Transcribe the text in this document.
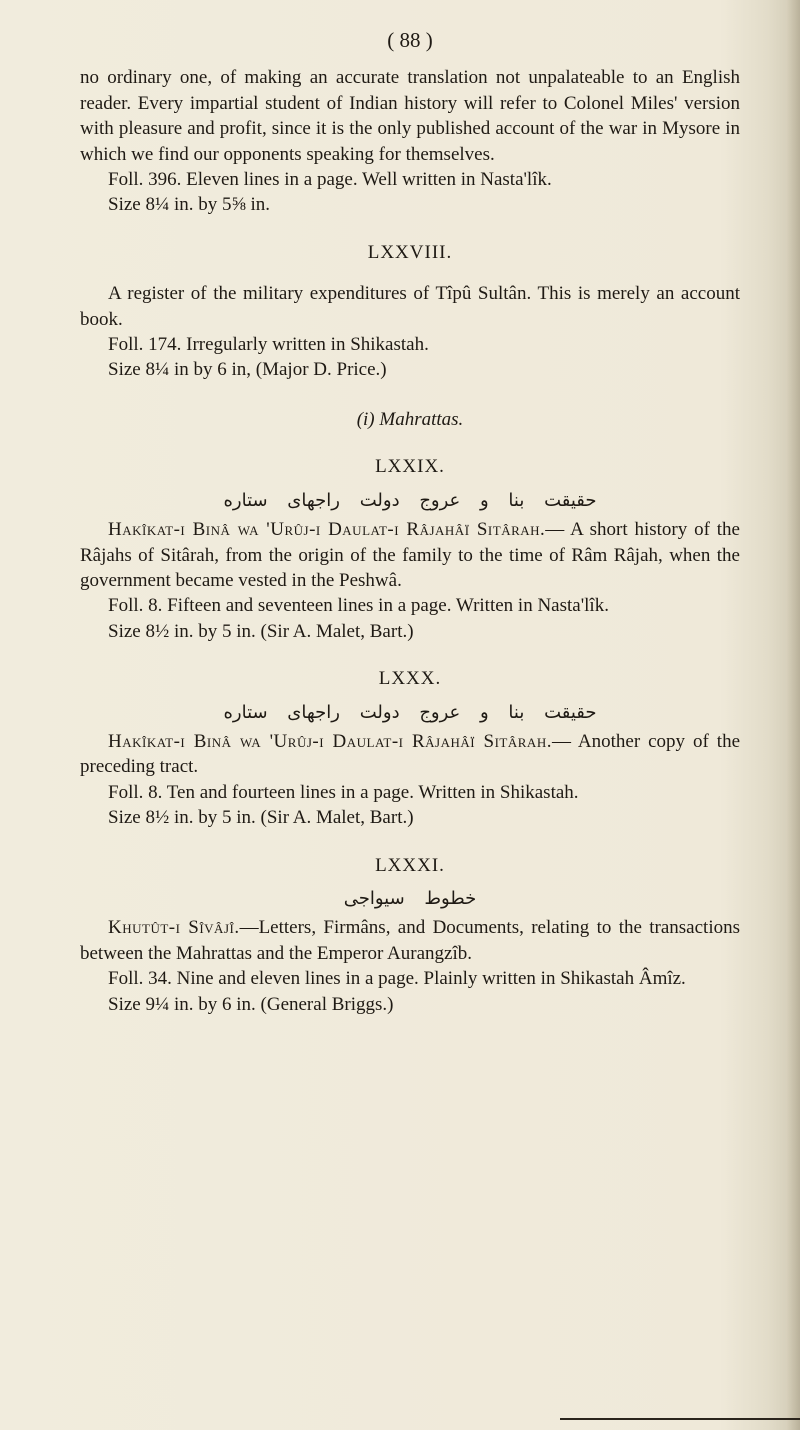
( 88 )

no ordinary one, of making an accurate translation not unpalateable to an English reader. Every impartial student of Indian history will refer to Colonel Miles' version with pleasure and profit, since it is the only published account of the war in Mysore in which we find our opponents speaking for themselves.

Foll. 396. Eleven lines in a page. Well written in Nasta'lîk.

Size 8¼ in. by 5⅝ in.

LXXVIII.

A register of the military expenditures of Tîpû Sultân. This is merely an account book.

Foll. 174. Irregularly written in Shikastah.

Size 8¼ in by 6 in, (Major D. Price.)

(i) Mahrattas.
LXXIX.
حقیقت بنا و عروج دولت راجهای ستاره

Hakîkat-i Binâ wa 'Urûj-i Daulat-i Râjahâï Sitârah.— A short history of the Râjahs of Sitârah, from the origin of the family to the time of Râm Râjah, when the government became vested in the Peshwâ.

Foll. 8. Fifteen and seventeen lines in a page. Written in Nasta'lîk.

Size 8½ in. by 5 in. (Sir A. Malet, Bart.)

LXXX.
حقیقت بنا و عروج دولت راجهای ستاره

Hakîkat-i Binâ wa 'Urûj-i Daulat-i Râjahâï Sitârah.— Another copy of the preceding tract.

Foll. 8. Ten and fourteen lines in a page. Written in Shikastah.

Size 8½ in. by 5 in. (Sir A. Malet, Bart.)

LXXXI.
خطوط سیواجی

Khutût-i Sîvâjî.—Letters, Firmâns, and Documents, relating to the transactions between the Mahrattas and the Emperor Aurangzîb.

Foll. 34. Nine and eleven lines in a page. Plainly written in Shikastah Âmîz.

Size 9¼ in. by 6 in. (General Briggs.)
